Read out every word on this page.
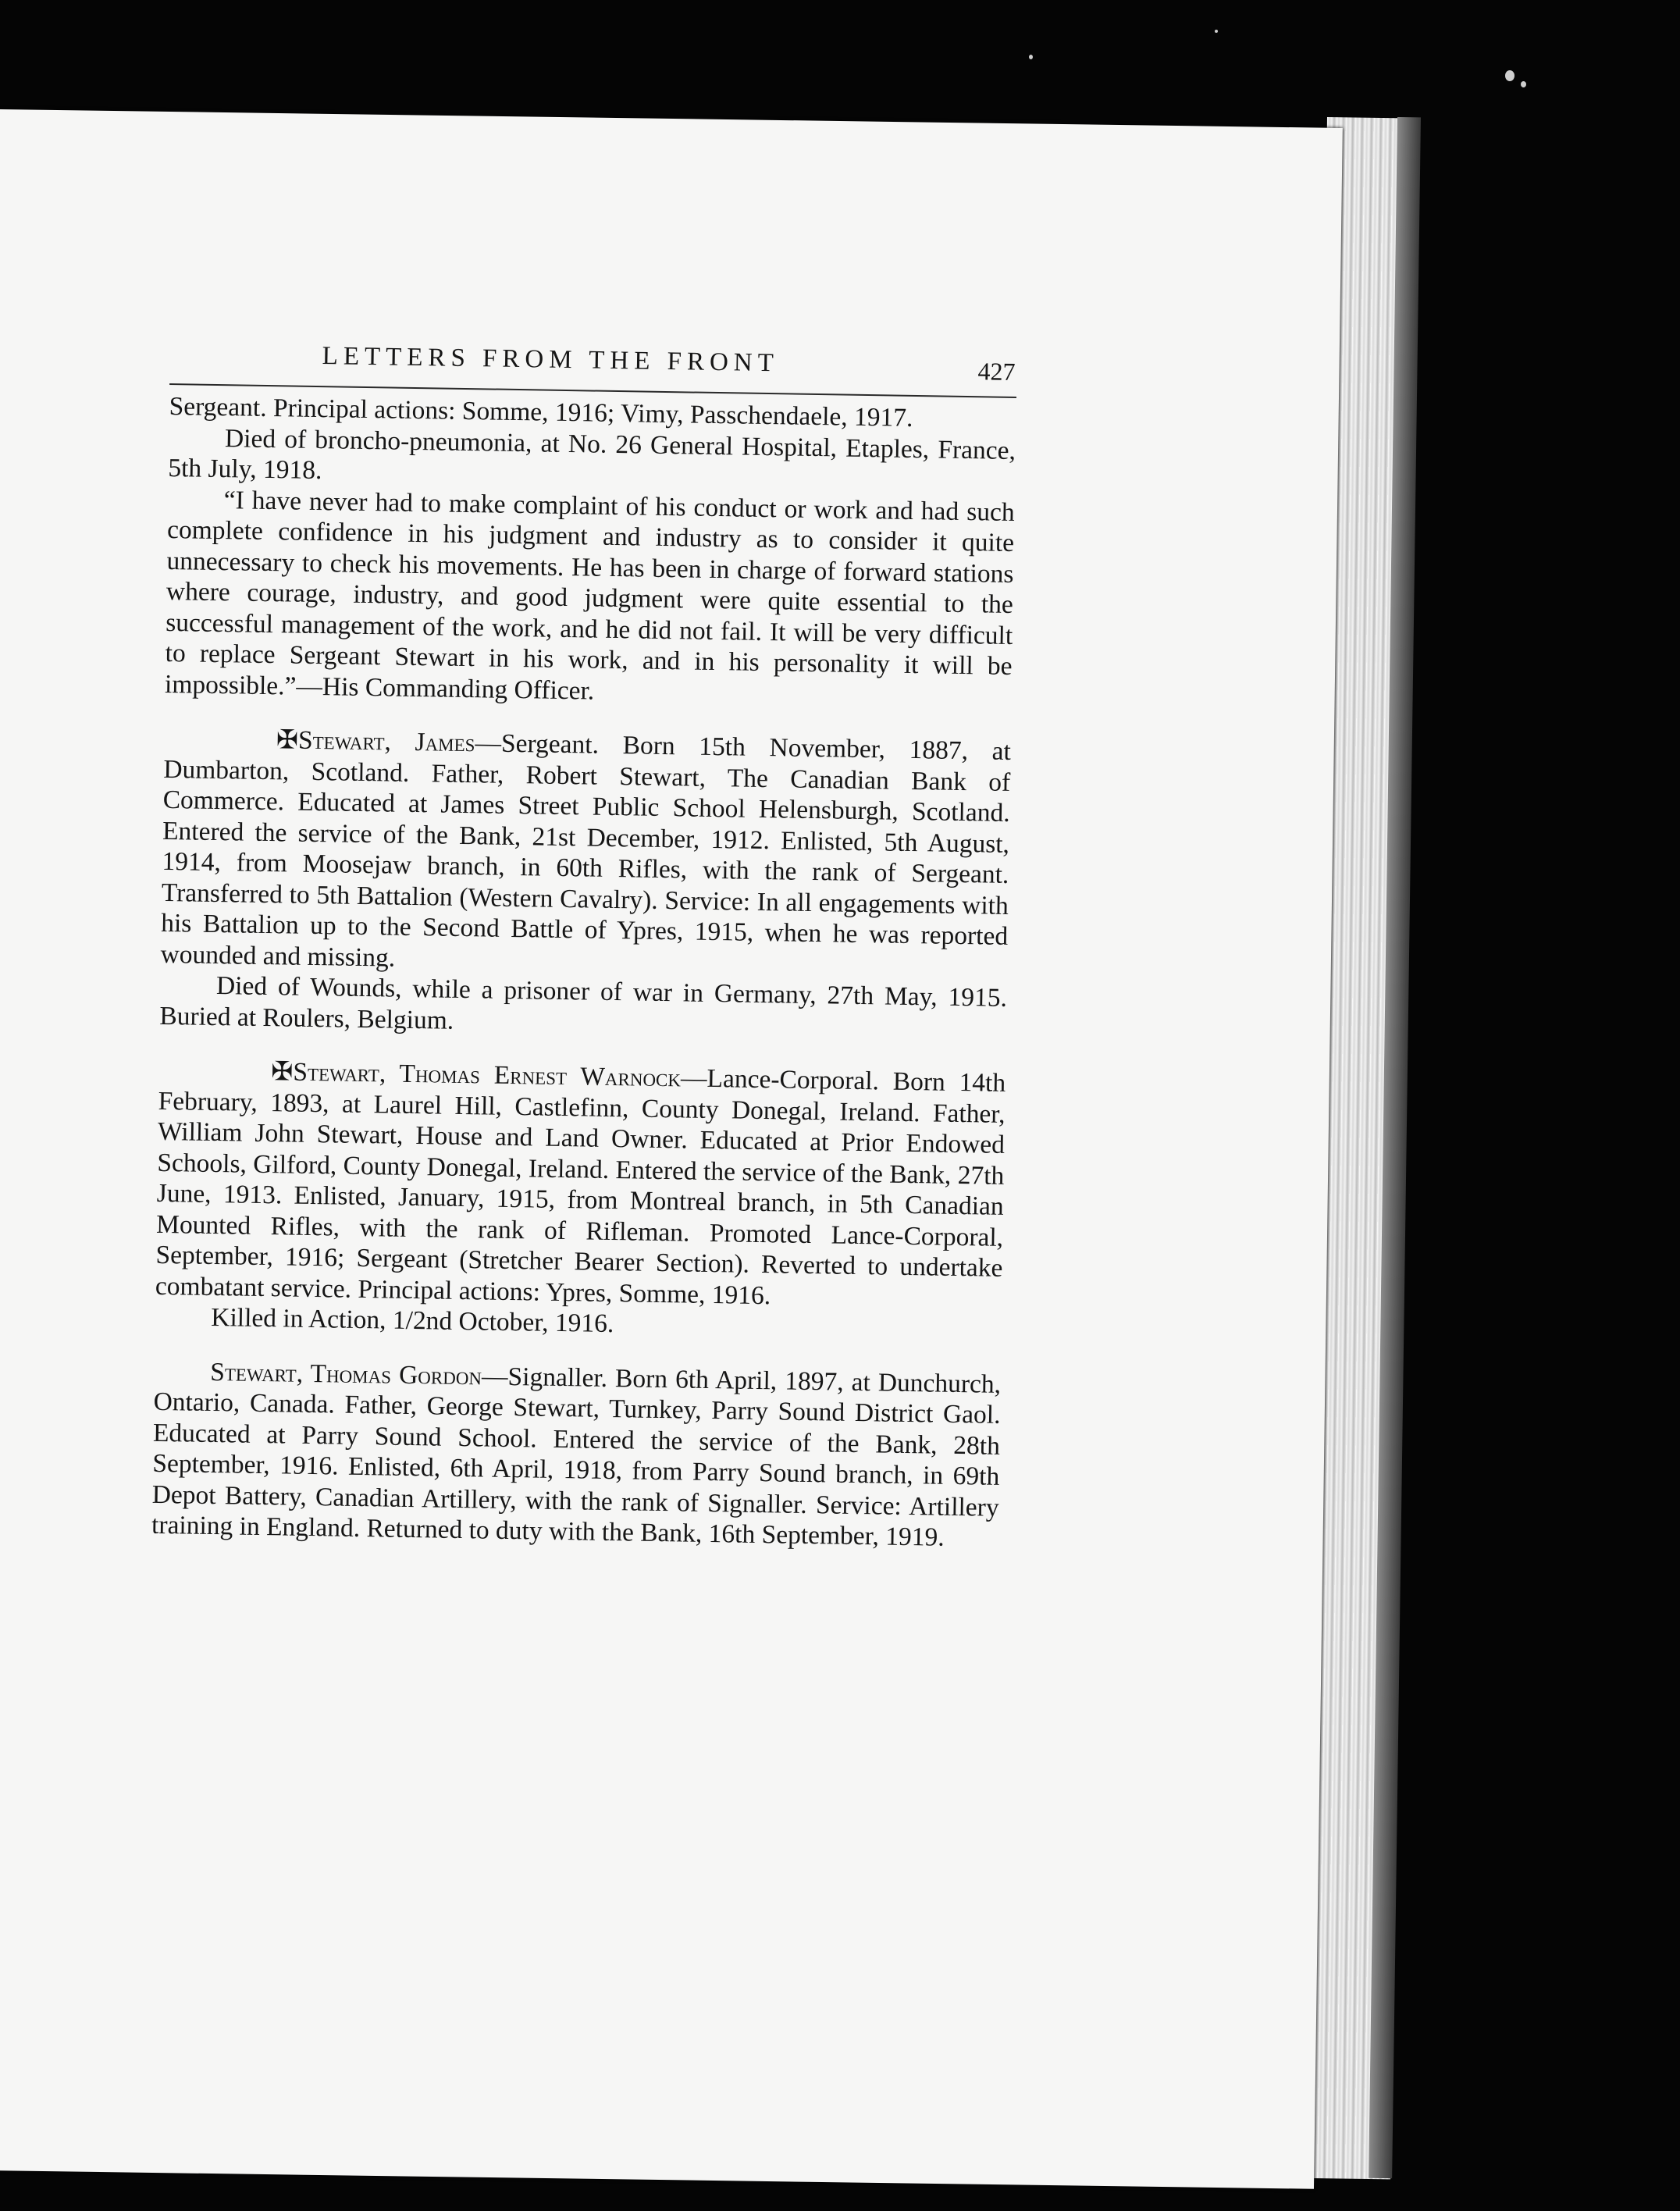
LETTERS FROM THE FRONT	427

Sergeant. Principal actions: Somme, 1916; Vimy, Passchendaele, 1917.

Died of broncho-pneumonia, at No. 26 General Hospital, Etaples, France, 5th July, 1918.

“I have never had to make complaint of his conduct or work and had such complete confidence in his judgment and industry as to consider it quite unnecessary to check his movements. He has been in charge of forward stations where courage, industry, and good judgment were quite essential to the successful management of the work, and he did not fail. It will be very difficult to replace Sergeant Stewart in his work, and in his personality it will be impossible.”—His Commanding Officer.

✠Stewart, James—Sergeant. Born 15th November, 1887, at Dumbarton, Scotland. Father, Robert Stewart, The Canadian Bank of Commerce. Educated at James Street Public School Helensburgh, Scotland. Entered the service of the Bank, 21st December, 1912. Enlisted, 5th August, 1914, from Moosejaw branch, in 60th Rifles, with the rank of Sergeant. Transferred to 5th Battalion (Western Cavalry). Service: In all engagements with his Battalion up to the Second Battle of Ypres, 1915, when he was reported wounded and missing.

Died of Wounds, while a prisoner of war in Germany, 27th May, 1915. Buried at Roulers, Belgium.

✠Stewart, Thomas Ernest Warnock—Lance-Corporal. Born 14th February, 1893, at Laurel Hill, Castlefinn, County Donegal, Ireland. Father, William John Stewart, House and Land Owner. Educated at Prior Endowed Schools, Gilford, County Donegal, Ireland. Entered the service of the Bank, 27th June, 1913. Enlisted, January, 1915, from Montreal branch, in 5th Canadian Mounted Rifles, with the rank of Rifleman. Promoted Lance-Corporal, September, 1916; Sergeant (Stretcher Bearer Section). Reverted to undertake combatant service. Principal actions: Ypres, Somme, 1916.

Killed in Action, 1/2nd October, 1916.

Stewart, Thomas Gordon—Signaller. Born 6th April, 1897, at Dunchurch, Ontario, Canada. Father, George Stewart, Turnkey, Parry Sound District Gaol. Educated at Parry Sound School. Entered the service of the Bank, 28th September, 1916. Enlisted, 6th April, 1918, from Parry Sound branch, in 69th Depot Battery, Canadian Artillery, with the rank of Signaller. Service: Artillery training in England. Returned to duty with the Bank, 16th September, 1919.
